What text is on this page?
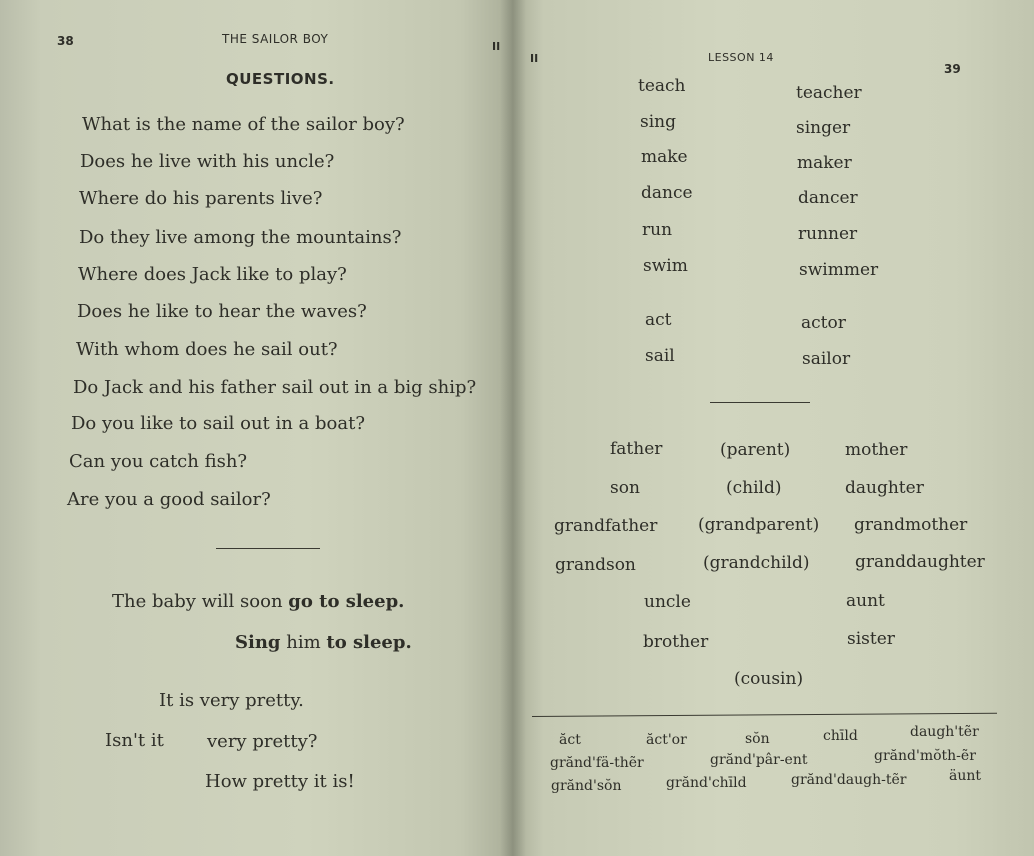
38	THE SAILOR BOY
II
QUESTIONS.
What is the name of the sailor boy?
Does he live with his uncle?
Where do his parents live?
Do they live among the mountains?
Where does Jack like to play?
Does he like to hear the waves?
With whom does he sail out?
Do Jack and his father sail out in a big ship?
Do you like to sail out in a boat?
Can you catch fish?
Are you a good sailor?
The baby will soon go to sleep.
Sing him to sleep.
It is very pretty.
Isn't it very pretty?
How pretty it is!
II	LESSON 14
39
teach	teacher
sing	singer
make	maker
dance	dancer
run	runner
swim	swimmer
act	actor
sail	sailor
father	(parent)	mother
son	(child)	daughter
grandfather (grandparent) grandmother
grandson	(grandchild)	granddaughter
uncle	aunt
brother	sister
(cousin)
ăct	ăct'or	sŏn	chīld	daugh'tẽr
grănd'fä-thẽr	grănd'pâr-ent	grănd'mŏth-ẽr
grănd'sŏn	grănd'chīld	grănd'daugh-tẽr	äunt
